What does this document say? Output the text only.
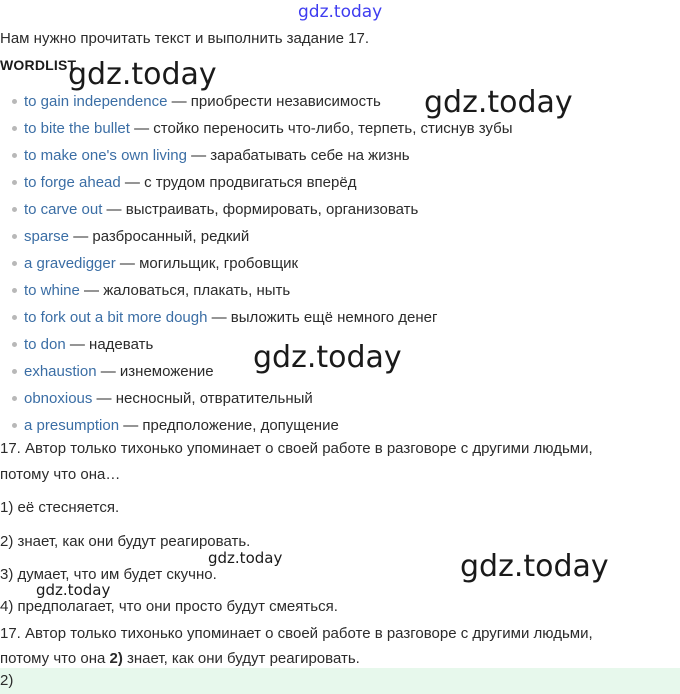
gdz.today
gdz.today
gdz.today
gdz.today
gdz.today	gdz.today
gdz.today
Нам нужно прочитать текст и выполнить задание 17.
WORDLIST
to gain independence — приобрести независимость
to bite the bullet — стойко переносить что-либо, терпеть, стиснув зубы
to make one's own living — зарабатывать себе на жизнь
to forge ahead — с трудом продвигаться вперёд
to carve out — выстраивать, формировать, организовать
sparse — разбросанный, редкий
a gravedigger — могильщик, гробовщик
to whine — жаловаться, плакать, ныть
to fork out a bit more dough — выложить ещё немного денег
to don — надевать
exhaustion — изнеможение
obnoxious — несносный, отвратительный
a presumption — предположение, допущение
17. Автор только тихонько упоминает о своей работе в разговоре с другими людьми,
потому что она…
1) её стесняется.
2) знает, как они будут реагировать.
3) думает, что им будет скучно.
4) предполагает, что они просто будут смеяться.
17. Автор только тихонько упоминает о своей работе в разговоре с другими людьми,
потому что она 2) знает, как они будут реагировать.
2)
